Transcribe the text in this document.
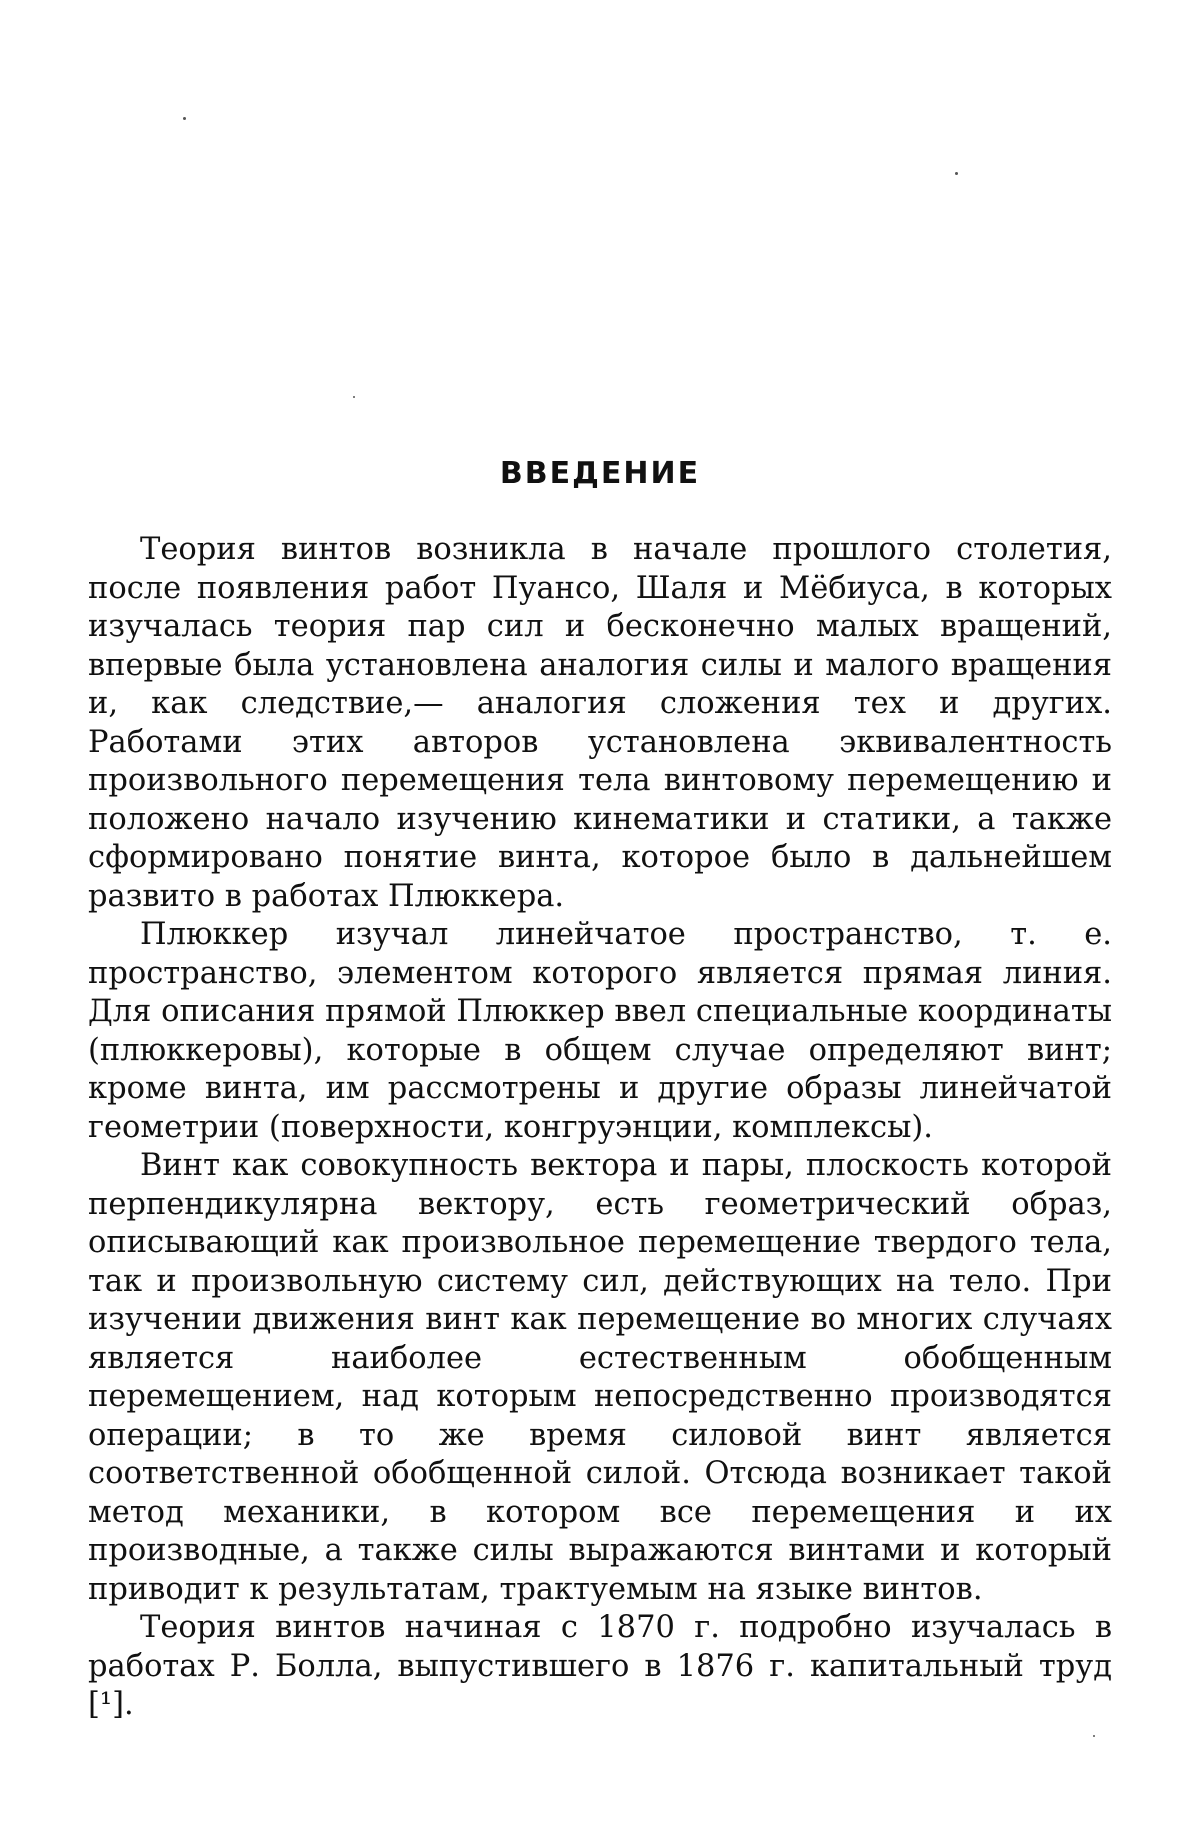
ВВЕДЕНИЕ

Теория винтов возникла в начале прошлого столетия, после появления работ Пуансо, Шаля и Мёбиуса, в которых изучалась теория пар сил и бесконечно малых вращений, впервые была установлена аналогия силы и малого вращения и, как следствие,— аналогия сложения тех и других. Работами этих авторов установлена эквивалентность произвольного перемещения тела винтовому перемещению и положено начало изучению кинематики и статики, а также сформировано понятие винта, которое было в дальнейшем развито в работах Плюккера.

Плюккер изучал линейчатое пространство, т. е. пространство, элементом которого является прямая линия. Для описания прямой Плюккер ввел специальные координаты (плюккеровы), которые в общем случае определяют винт; кроме винта, им рассмотрены и другие образы линейчатой геометрии (поверхности, конгруэнции, комплексы).

Винт как совокупность вектора и пары, плоскость которой перпендикулярна вектору, есть геометрический образ, описывающий как произвольное перемещение твердого тела, так и произвольную систему сил, действующих на тело. При изучении движения винт как перемещение во многих случаях является наиболее естественным обобщенным перемещением, над которым непосредственно производятся операции; в то же время силовой винт является соответственной обобщенной силой. Отсюда возникает такой метод механики, в котором все перемещения и их производные, а также силы выражаются винтами и который приводит к результатам, трактуемым на языке винтов.

Теория винтов начиная с 1870 г. подробно изучалась в работах Р. Болла, выпустившего в 1876 г. капитальный труд [¹].
